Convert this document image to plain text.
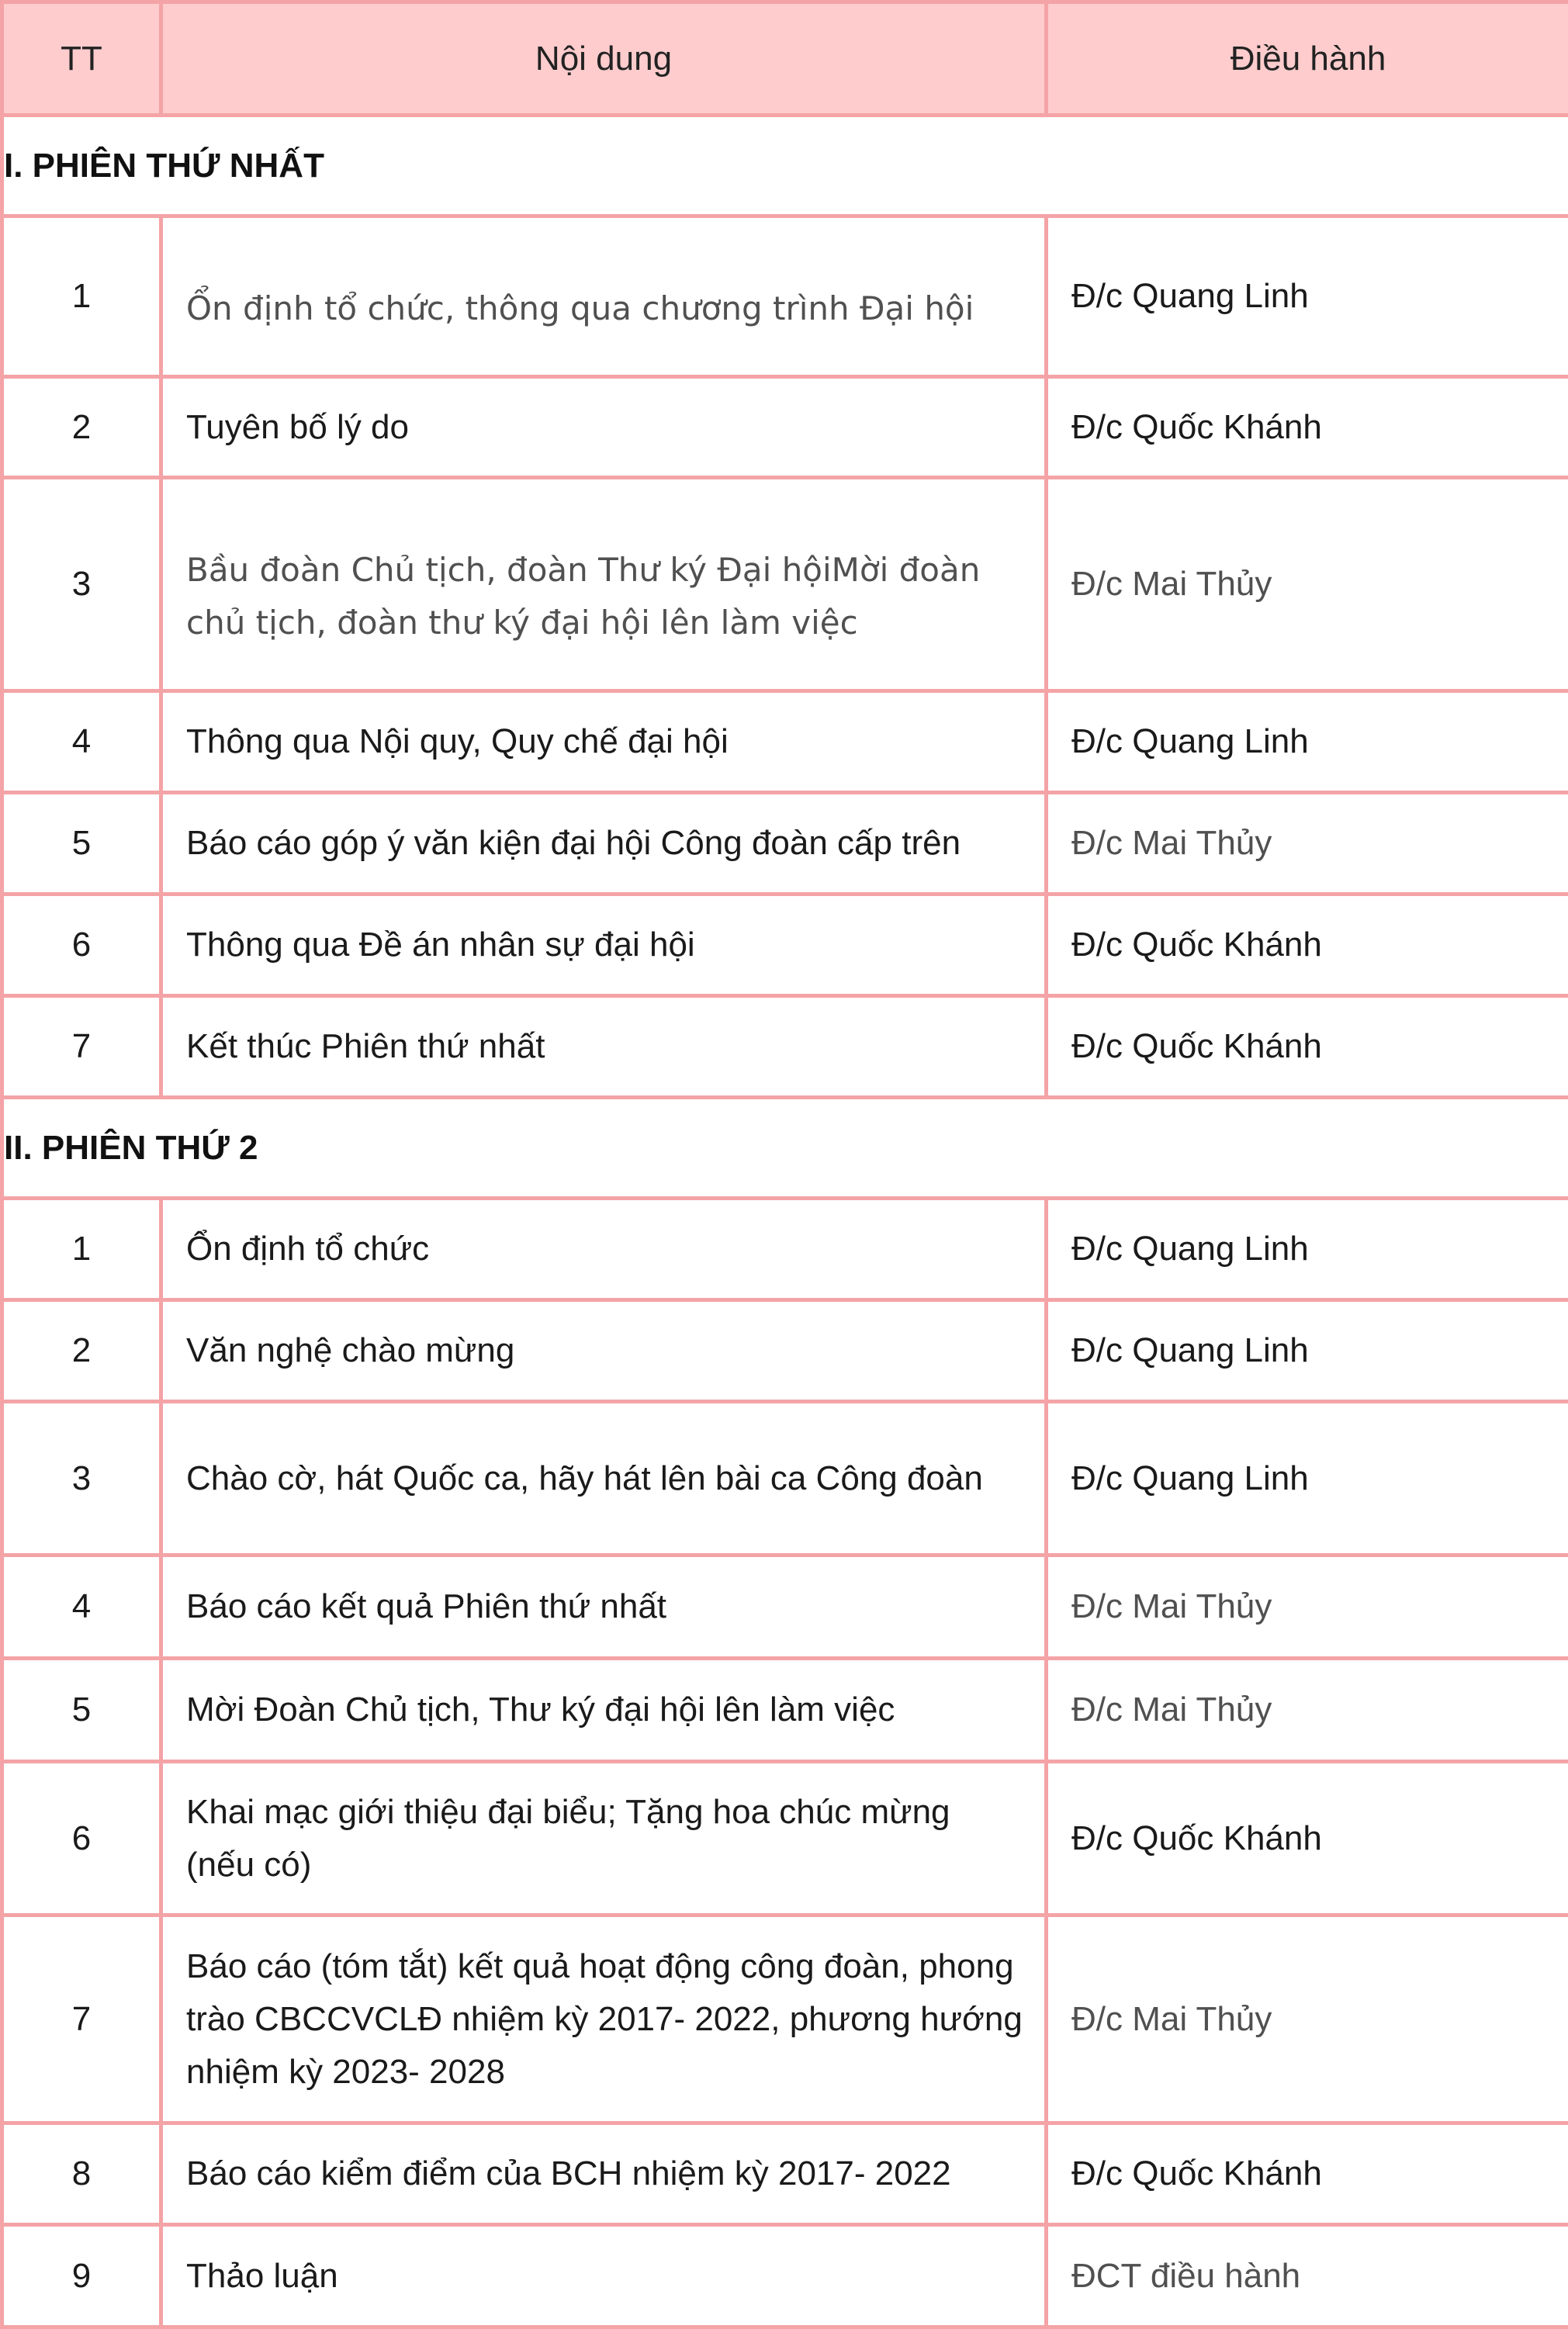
TT	Nội dung	Điều hành
I. PHIÊN THỨ NHẤT		
1	Ổn định tổ chức, thông qua chương trình Đại hội	Đ/c Quang Linh
2	Tuyên bố lý do	Đ/c Quốc Khánh
3	Bầu đoàn Chủ tịch, đoàn Thư ký Đại hộiMời đoàn chủ tịch, đoàn thư ký đại hội lên làm việc	Đ/c Mai Thủy
4	Thông qua Nội quy, Quy chế đại hội	Đ/c Quang Linh
5	Báo cáo góp ý văn kiện đại hội Công đoàn cấp trên	Đ/c Mai Thủy
6	Thông qua Đề án nhân sự đại hội	Đ/c Quốc Khánh
7	Kết thúc Phiên thứ nhất	Đ/c Quốc Khánh
II. PHIÊN THỨ 2		
1	Ổn định tổ chức	Đ/c Quang Linh
2	Văn nghệ chào mừng	Đ/c Quang Linh
3	Chào cờ, hát Quốc ca, hãy hát lên bài ca Công đoàn	Đ/c Quang Linh
4	Báo cáo kết quả Phiên thứ nhất	Đ/c Mai Thủy
5	Mời Đoàn Chủ tịch, Thư ký đại hội lên làm việc	Đ/c Mai Thủy
6	Khai mạc giới thiệu đại biểu; Tặng hoa chúc mừng (nếu có)	Đ/c Quốc Khánh
7	Báo cáo (tóm tắt) kết quả hoạt động công đoàn, phong trào CBCCVCLĐ nhiệm kỳ 2017- 2022, phương hướng nhiệm kỳ 2023- 2028	Đ/c Mai Thủy
8	Báo cáo kiểm điểm của BCH nhiệm kỳ 2017- 2022	Đ/c Quốc Khánh
9	Thảo luận	ĐCT điều hành
